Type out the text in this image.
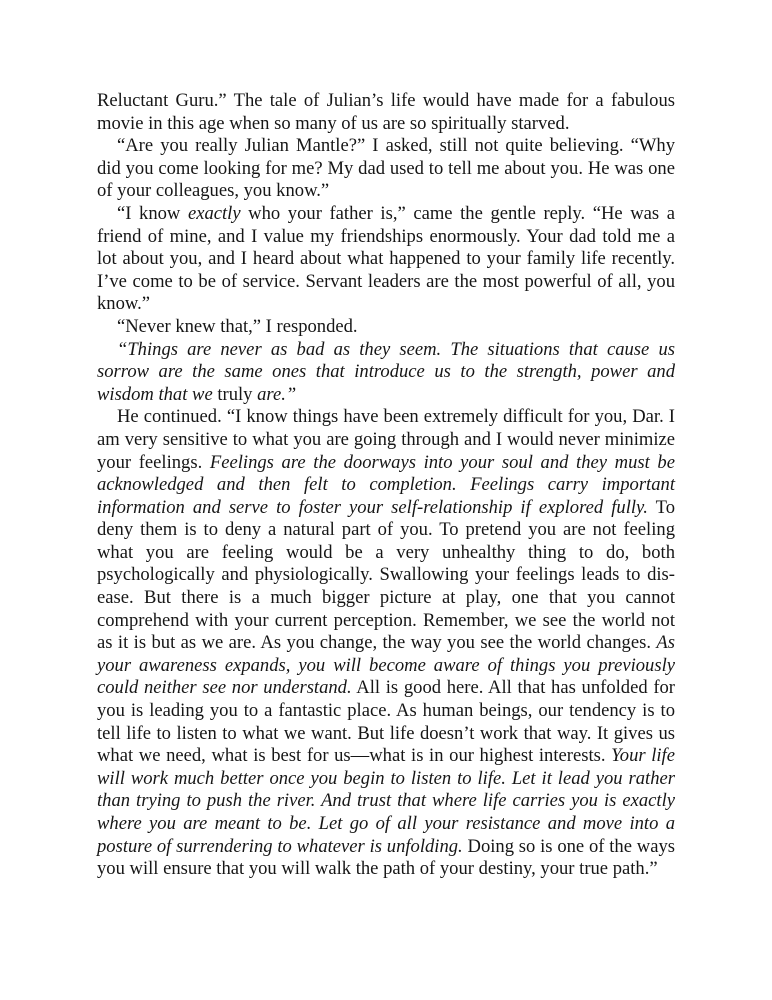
Reluctant Guru.” The tale of Julian’s life would have made for a fabulous movie in this age when so many of us are so spiritually starved.

“Are you really Julian Mantle?” I asked, still not quite believing. “Why did you come looking for me? My dad used to tell me about you. He was one of your colleagues, you know.”

“I know exactly who your father is,” came the gentle reply. “He was a friend of mine, and I value my friendships enormously. Your dad told me a lot about you, and I heard about what happened to your family life recently. I’ve come to be of service. Servant leaders are the most powerful of all, you know.”

“Never knew that,” I responded.

“Things are never as bad as they seem. The situations that cause us sorrow are the same ones that introduce us to the strength, power and wisdom that we truly are.”

He continued. “I know things have been extremely difficult for you, Dar. I am very sensitive to what you are going through and I would never minimize your feelings. Feelings are the doorways into your soul and they must be acknowledged and then felt to completion. Feelings carry important information and serve to foster your self-relationship if explored fully. To deny them is to deny a natural part of you. To pretend you are not feeling what you are feeling would be a very unhealthy thing to do, both psychologically and physiologically. Swallowing your feelings leads to disease. But there is a much bigger picture at play, one that you cannot comprehend with your current perception. Remember, we see the world not as it is but as we are. As you change, the way you see the world changes. As your awareness expands, you will become aware of things you previously could neither see nor understand. All is good here. All that has unfolded for you is leading you to a fantastic place. As human beings, our tendency is to tell life to listen to what we want. But life doesn’t work that way. It gives us what we need, what is best for us—what is in our highest interests. Your life will work much better once you begin to listen to life. Let it lead you rather than trying to push the river. And trust that where life carries you is exactly where you are meant to be. Let go of all your resistance and move into a posture of surrendering to whatever is unfolding. Doing so is one of the ways you will ensure that you will walk the path of your destiny, your true path.”
